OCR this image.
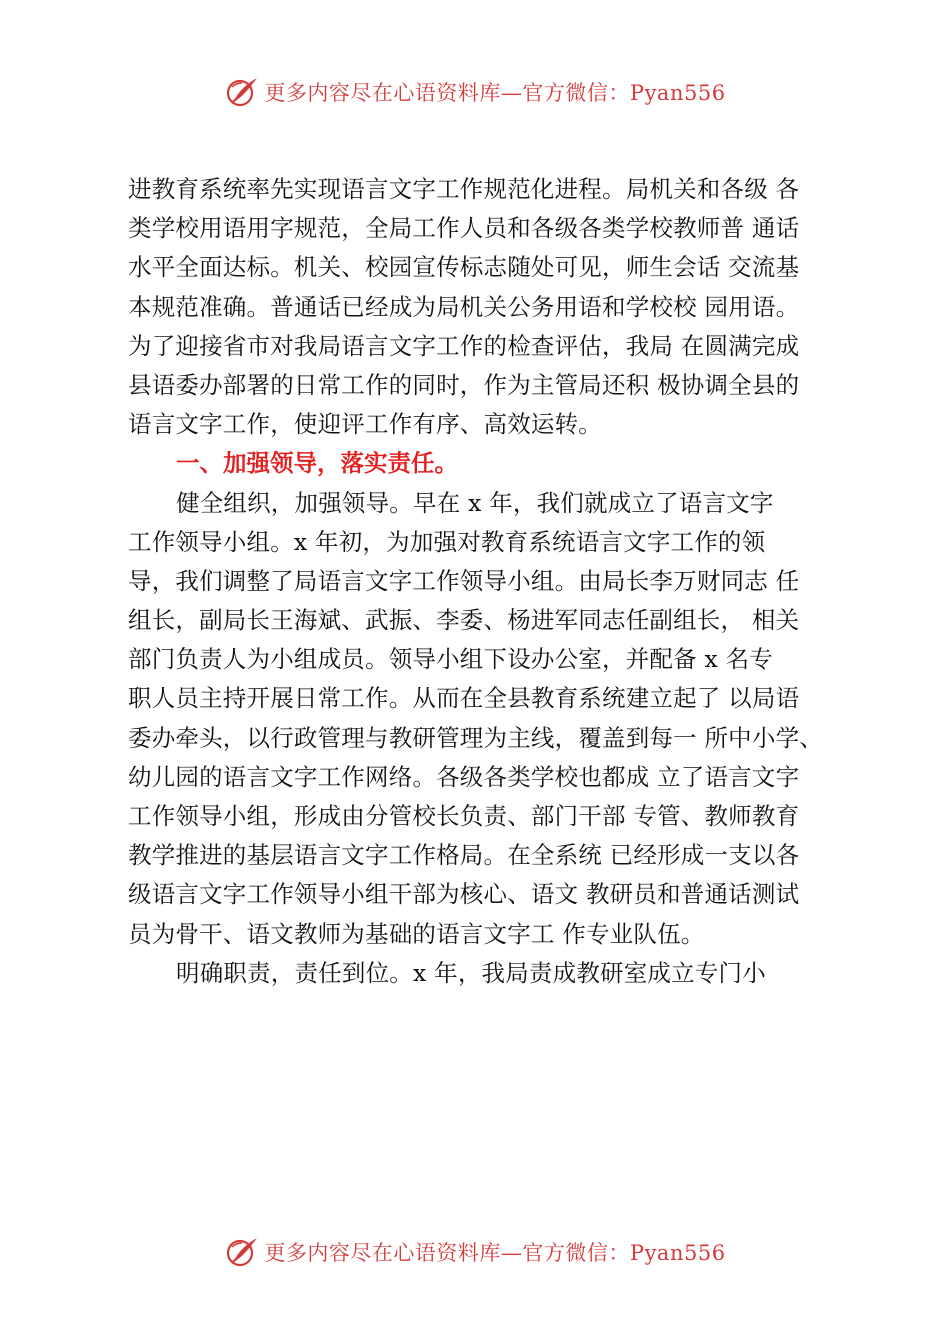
更多内容尽在心语资料库—官方微信：Pyan556
进教育系统率先实现语言文字工作规范化进程。局机关和各级 各
类学校用语用字规范，全局工作人员和各级各类学校教师普 通话
水平全面达标。机关、校园宣传标志随处可见，师生会话 交流基
本规范准确。普通话已经成为局机关公务用语和学校校 园用语。
为了迎接省市对我局语言文字工作的检查评估，我局 在圆满完成
县语委办部署的日常工作的同时，作为主管局还积 极协调全县的
语言文字工作，使迎评工作有序、高效运转。
一、加强领导，落实责任。
健全组织，加强领导。早在 x 年，我们就成立了语言文字
工作领导小组。x 年初，为加强对教育系统语言文字工作的领
导，我们调整了局语言文字工作领导小组。由局长李万财同志 任
组长，副局长王海斌、武振、李委、杨进军同志任副组长， 相关
部门负责人为小组成员。领导小组下设办公室，并配备 x 名专
职人员主持开展日常工作。从而在全县教育系统建立起了 以局语
委办牵头，以行政管理与教研管理为主线，覆盖到每一 所中小学、
幼儿园的语言文字工作网络。各级各类学校也都成 立了语言文字
工作领导小组，形成由分管校长负责、部门干部 专管、教师教育
教学推进的基层语言文字工作格局。在全系统 已经形成一支以各
级语言文字工作领导小组干部为核心、语文 教研员和普通话测试
员为骨干、语文教师为基础的语言文字工 作专业队伍。
明确职责，责任到位。x 年，我局责成教研室成立专门小
更多内容尽在心语资料库—官方微信：Pyan556
